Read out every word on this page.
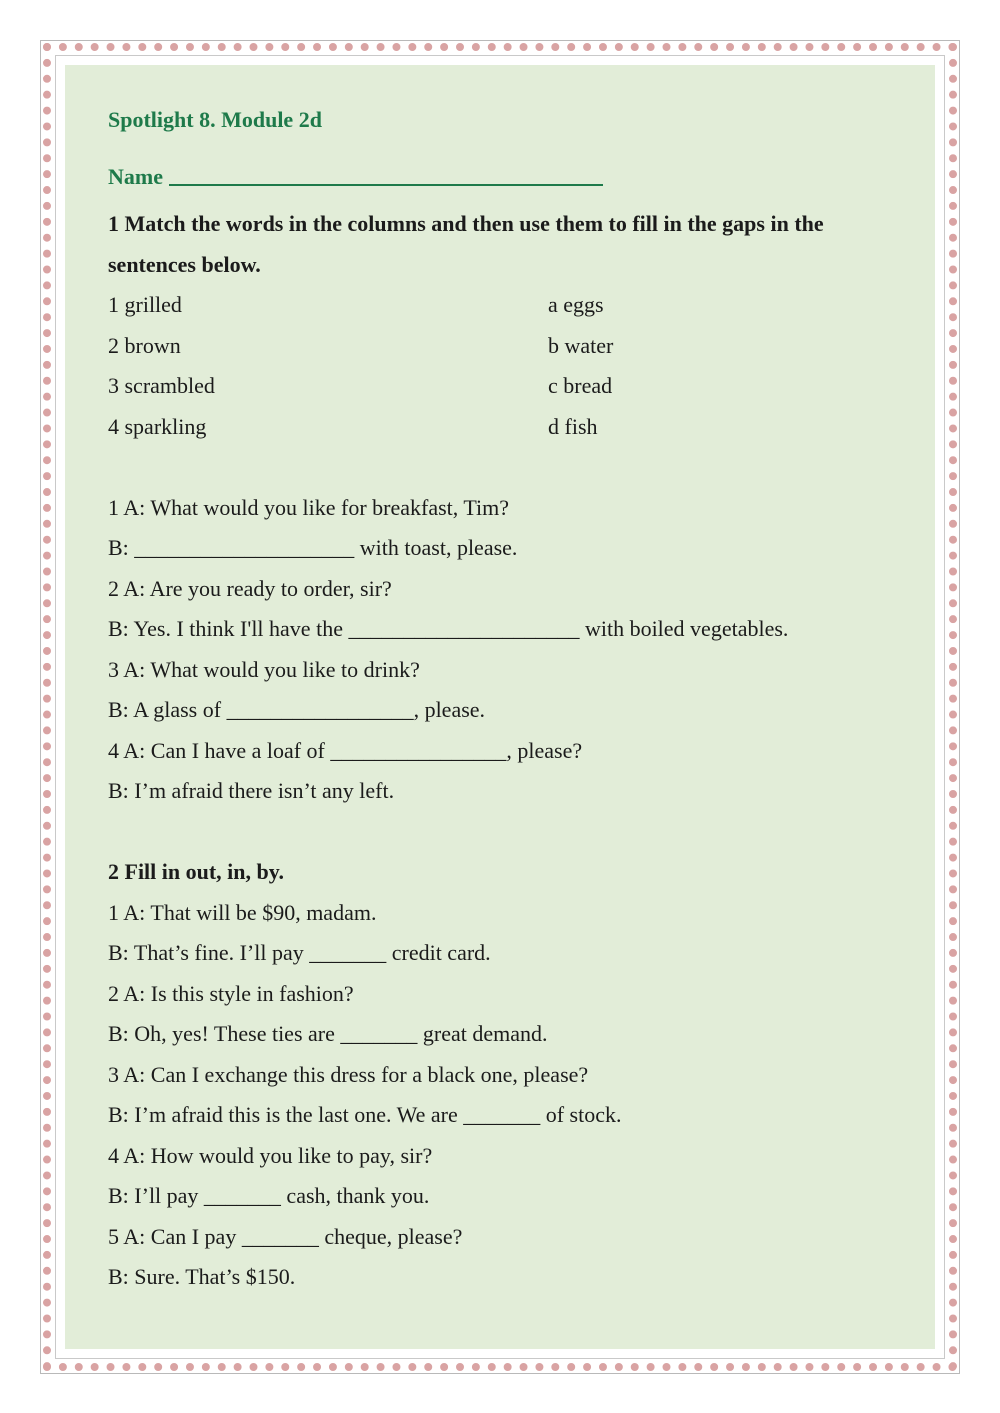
Spotlight 8. Module 2d
Name
1 Match the words in the columns and then use them to fill in the gaps in the
sentences below.
1 grilled	a eggs
2 brown	b water
3 scrambled	c bread
4 sparkling	d fish
1 A: What would you like for breakfast, Tim?
B: ____________________ with toast, please.
2 A: Are you ready to order, sir?
B: Yes. I think I'll have the _____________________ with boiled vegetables.
3 A: What would you like to drink?
B: A glass of _________________, please.
4 A: Can I have a loaf of ________________, please?
B: I’m afraid there isn’t any left.
2 Fill in out, in, by.
1 A: That will be $90, madam.
B: That’s fine. I’ll pay _______ credit card.
2 A: Is this style in fashion?
B: Oh, yes! These ties are _______ great demand.
3 A: Can I exchange this dress for a black one, please?
B: I’m afraid this is the last one. We are _______ of stock.
4 A: How would you like to pay, sir?
B: I’ll pay _______ cash, thank you.
5 A: Can I pay _______ cheque, please?
B: Sure. That’s $150.
